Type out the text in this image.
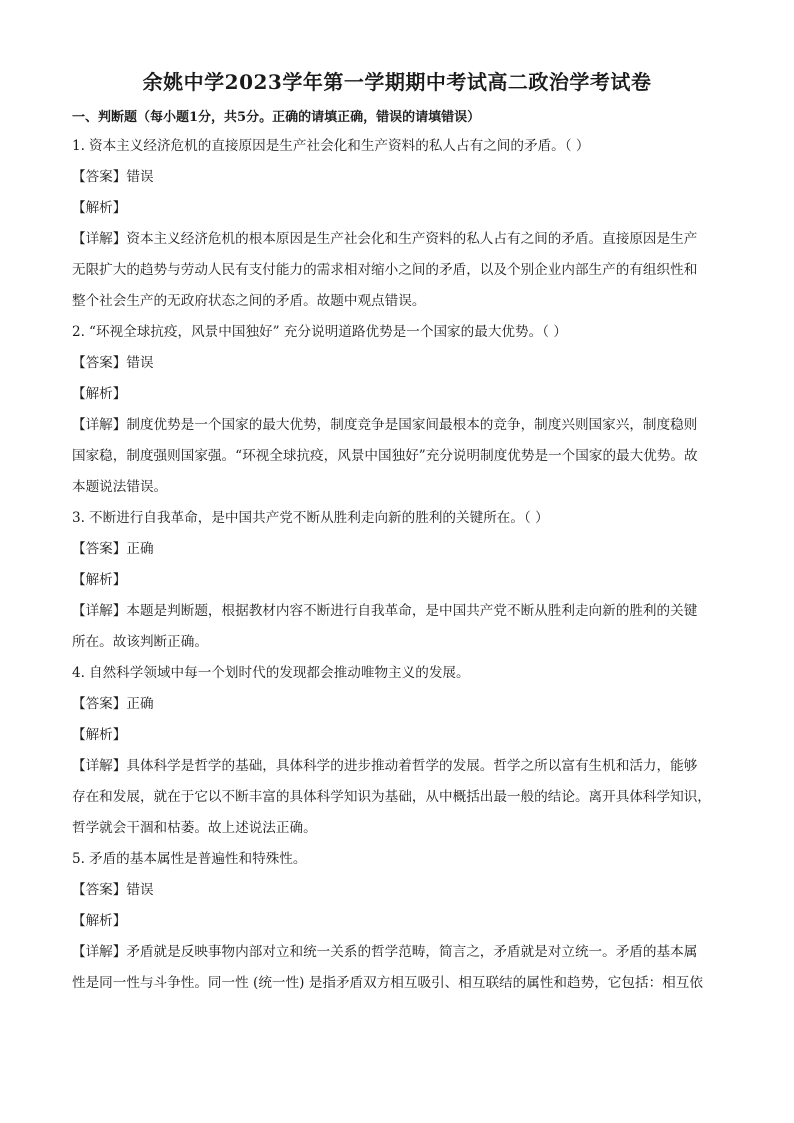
余姚中学2023学年第一学期期中考试高二政治学考试卷
一、判断题（每小题1分，共5分。正确的请填正确，错误的请填错误）
1. 资本主义经济危机的直接原因是生产社会化和生产资料的私人占有之间的矛盾。（ ）
【答案】错误
【解析】
【详解】资本主义经济危机的根本原因是生产社会化和生产资料的私人占有之间的矛盾。直接原因是生产
无限扩大的趋势与劳动人民有支付能力的需求相对缩小之间的矛盾，以及个别企业内部生产的有组织性和
整个社会生产的无政府状态之间的矛盾。故题中观点错误。
2. “环视全球抗疫，风景中国独好” 充分说明道路优势是一个国家的最大优势。（ ）
【答案】错误
【解析】
【详解】制度优势是一个国家的最大优势，制度竞争是国家间最根本的竞争，制度兴则国家兴，制度稳则
国家稳，制度强则国家强。“环视全球抗疫，风景中国独好”充分说明制度优势是一个国家的最大优势。故
本题说法错误。
3. 不断进行自我革命，是中国共产党不断从胜利走向新的胜利的关键所在。（ ）
【答案】正确
【解析】
【详解】本题是判断题，根据教材内容不断进行自我革命，是中国共产党不断从胜利走向新的胜利的关键
所在。故该判断正确。
4. 自然科学领域中每一个划时代的发现都会推动唯物主义的发展。
【答案】正确
【解析】
【详解】具体科学是哲学的基础，具体科学的进步推动着哲学的发展。哲学之所以富有生机和活力，能够
存在和发展，就在于它以不断丰富的具体科学知识为基础，从中概括出最一般的结论。离开具体科学知识，
哲学就会干涸和枯萎。故上述说法正确。
5. 矛盾的基本属性是普遍性和特殊性。
【答案】错误
【解析】
【详解】矛盾就是反映事物内部对立和统一关系的哲学范畴，简言之，矛盾就是对立统一。矛盾的基本属
性是同一性与斗争性。同一性 (统一性) 是指矛盾双方相互吸引、相互联结的属性和趋势，它包括：相互依
